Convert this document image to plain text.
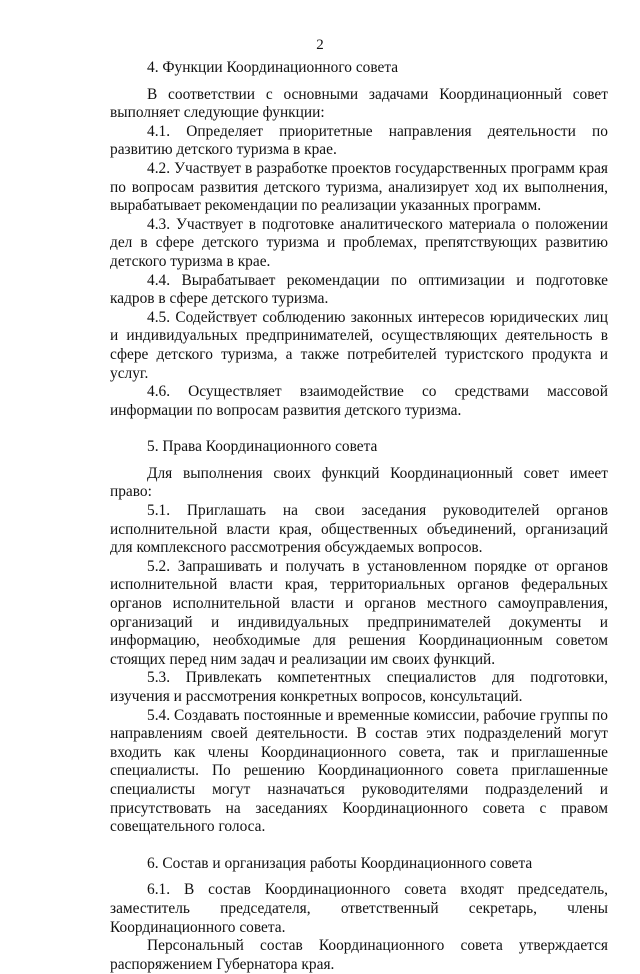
2
4. Функции Координационного совета

В соответствии с основными задачами Координационный совет выполняет следующие функции:

4.1. Определяет приоритетные направления деятельности по развитию детского туризма в крае.

4.2. Участвует в разработке проектов государственных программ края по вопросам развития детского туризма, анализирует ход их выполнения, вырабатывает рекомендации по реализации указанных программ.

4.3. Участвует в подготовке аналитического материала о положении дел в сфере детского туризма и проблемах, препятствующих развитию детского туризма в крае.

4.4. Вырабатывает рекомендации по оптимизации и подготовке кадров в сфере детского туризма.

4.5. Содействует соблюдению законных интересов юридических лиц и индивидуальных предпринимателей, осуществляющих деятельность в сфере детского туризма, а также потребителей туристского продукта и услуг.

4.6. Осуществляет взаимодействие со средствами массовой информации по вопросам развития детского туризма.

5. Права Координационного совета

Для выполнения своих функций Координационный совет имеет право:

5.1. Приглашать на свои заседания руководителей органов исполнительной власти края, общественных объединений, организаций для комплексного рассмотрения обсуждаемых вопросов.

5.2. Запрашивать и получать в установленном порядке от органов исполнительной власти края, территориальных органов федеральных органов исполнительной власти и органов местного самоуправления, организаций и индивидуальных предпринимателей документы и информацию, необходимые для решения Координационным советом стоящих перед ним задач и реализации им своих функций.

5.3. Привлекать компетентных специалистов для подготовки, изучения и рассмотрения конкретных вопросов, консультаций.

5.4. Создавать постоянные и временные комиссии, рабочие группы по направлениям своей деятельности. В состав этих подразделений могут входить как члены Координационного совета, так и приглашенные специалисты. По решению Координационного совета приглашенные специалисты могут назначаться руководителями подразделений и присутствовать на заседаниях Координационного совета с правом совещательного голоса.

6. Состав и организация работы Координационного совета

6.1. В состав Координационного совета входят председатель, заместитель председателя, ответственный секретарь, члены Координационного совета.

Персональный состав Координационного совета утверждается распоряжением Губернатора края.
